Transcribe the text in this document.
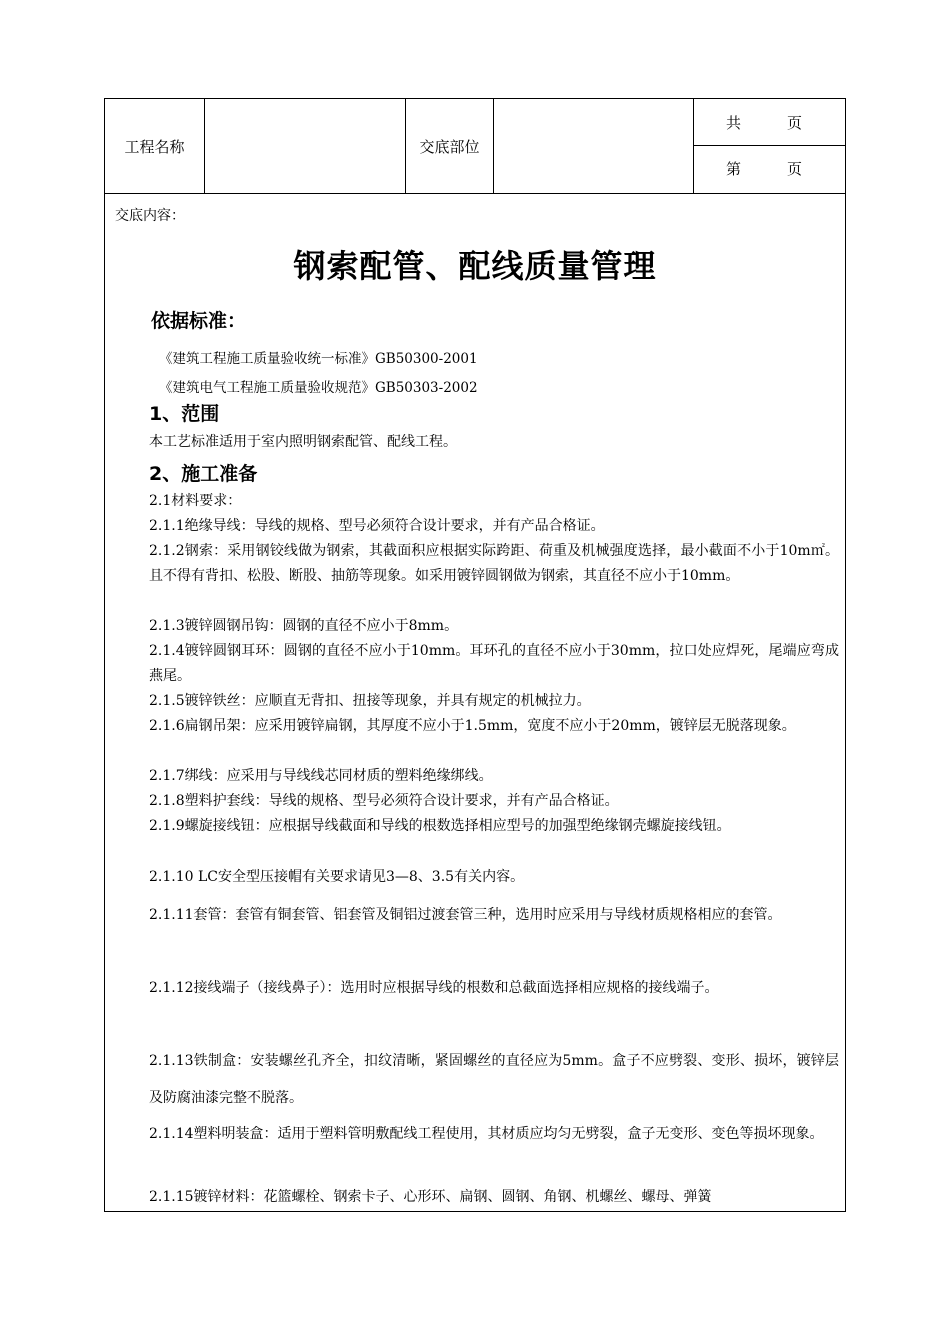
工程名称	交底部位
共	页
第	页
交底内容：
钢索配管、配线质量管理
依据标准：
《建筑工程施工质量验收统一标准》GB50300-2001
《建筑电气工程施工质量验收规范》GB50303-2002
1、范围
本工艺标准适用于室内照明钢索配管、配线工程。
2、施工准备
2.1材料要求：
2.1.1绝缘导线：导线的规格、型号必须符合设计要求，并有产品合格证。
2.1.2钢索：采用钢铰线做为钢索，其截面积应根据实际跨距、荷重及机械强度选择，最小截面不小于10m㎡。且不得有背扣、松股、断股、抽筋等现象。如采用镀锌圆钢做为钢索，其直径不应小于10mm。
2.1.3镀锌圆钢吊钩：圆钢的直径不应小于8mm。
2.1.4镀锌圆钢耳环：圆钢的直径不应小于10mm。耳环孔的直径不应小于30mm，拉口处应焊死，尾端应弯成燕尾。
2.1.5镀锌铁丝：应顺直无背扣、扭接等现象，并具有规定的机械拉力。
2.1.6扁钢吊架：应采用镀锌扁钢，其厚度不应小于1.5mm，宽度不应小于20mm，镀锌层无脱落现象。
2.1.7绑线：应采用与导线线芯同材质的塑料绝缘绑线。
2.1.8塑料护套线：导线的规格、型号必须符合设计要求，并有产品合格证。
2.1.9螺旋接线钮：应根据导线截面和导线的根数选择相应型号的加强型绝缘钢壳螺旋接线钮。
2.1.10 LC安全型压接帽有关要求请见3—8、3.5有关内容。
2.1.11套管：套管有铜套管、铝套管及铜铝过渡套管三种，选用时应采用与导线材质规格相应的套管。
2.1.12接线端子（接线鼻子）：选用时应根据导线的根数和总截面选择相应规格的接线端子。
2.1.13铁制盒：安装螺丝孔齐全，扣纹清晰，紧固螺丝的直径应为5mm。盒子不应劈裂、变形、损坏，镀锌层及防腐油漆完整不脱落。
2.1.14塑料明装盒：适用于塑料管明敷配线工程使用，其材质应均匀无劈裂，盒子无变形、变色等损坏现象。
2.1.15镀锌材料：花篮螺栓、钢索卡子、心形环、扁钢、圆钢、角钢、机螺丝、螺母、弹簧
